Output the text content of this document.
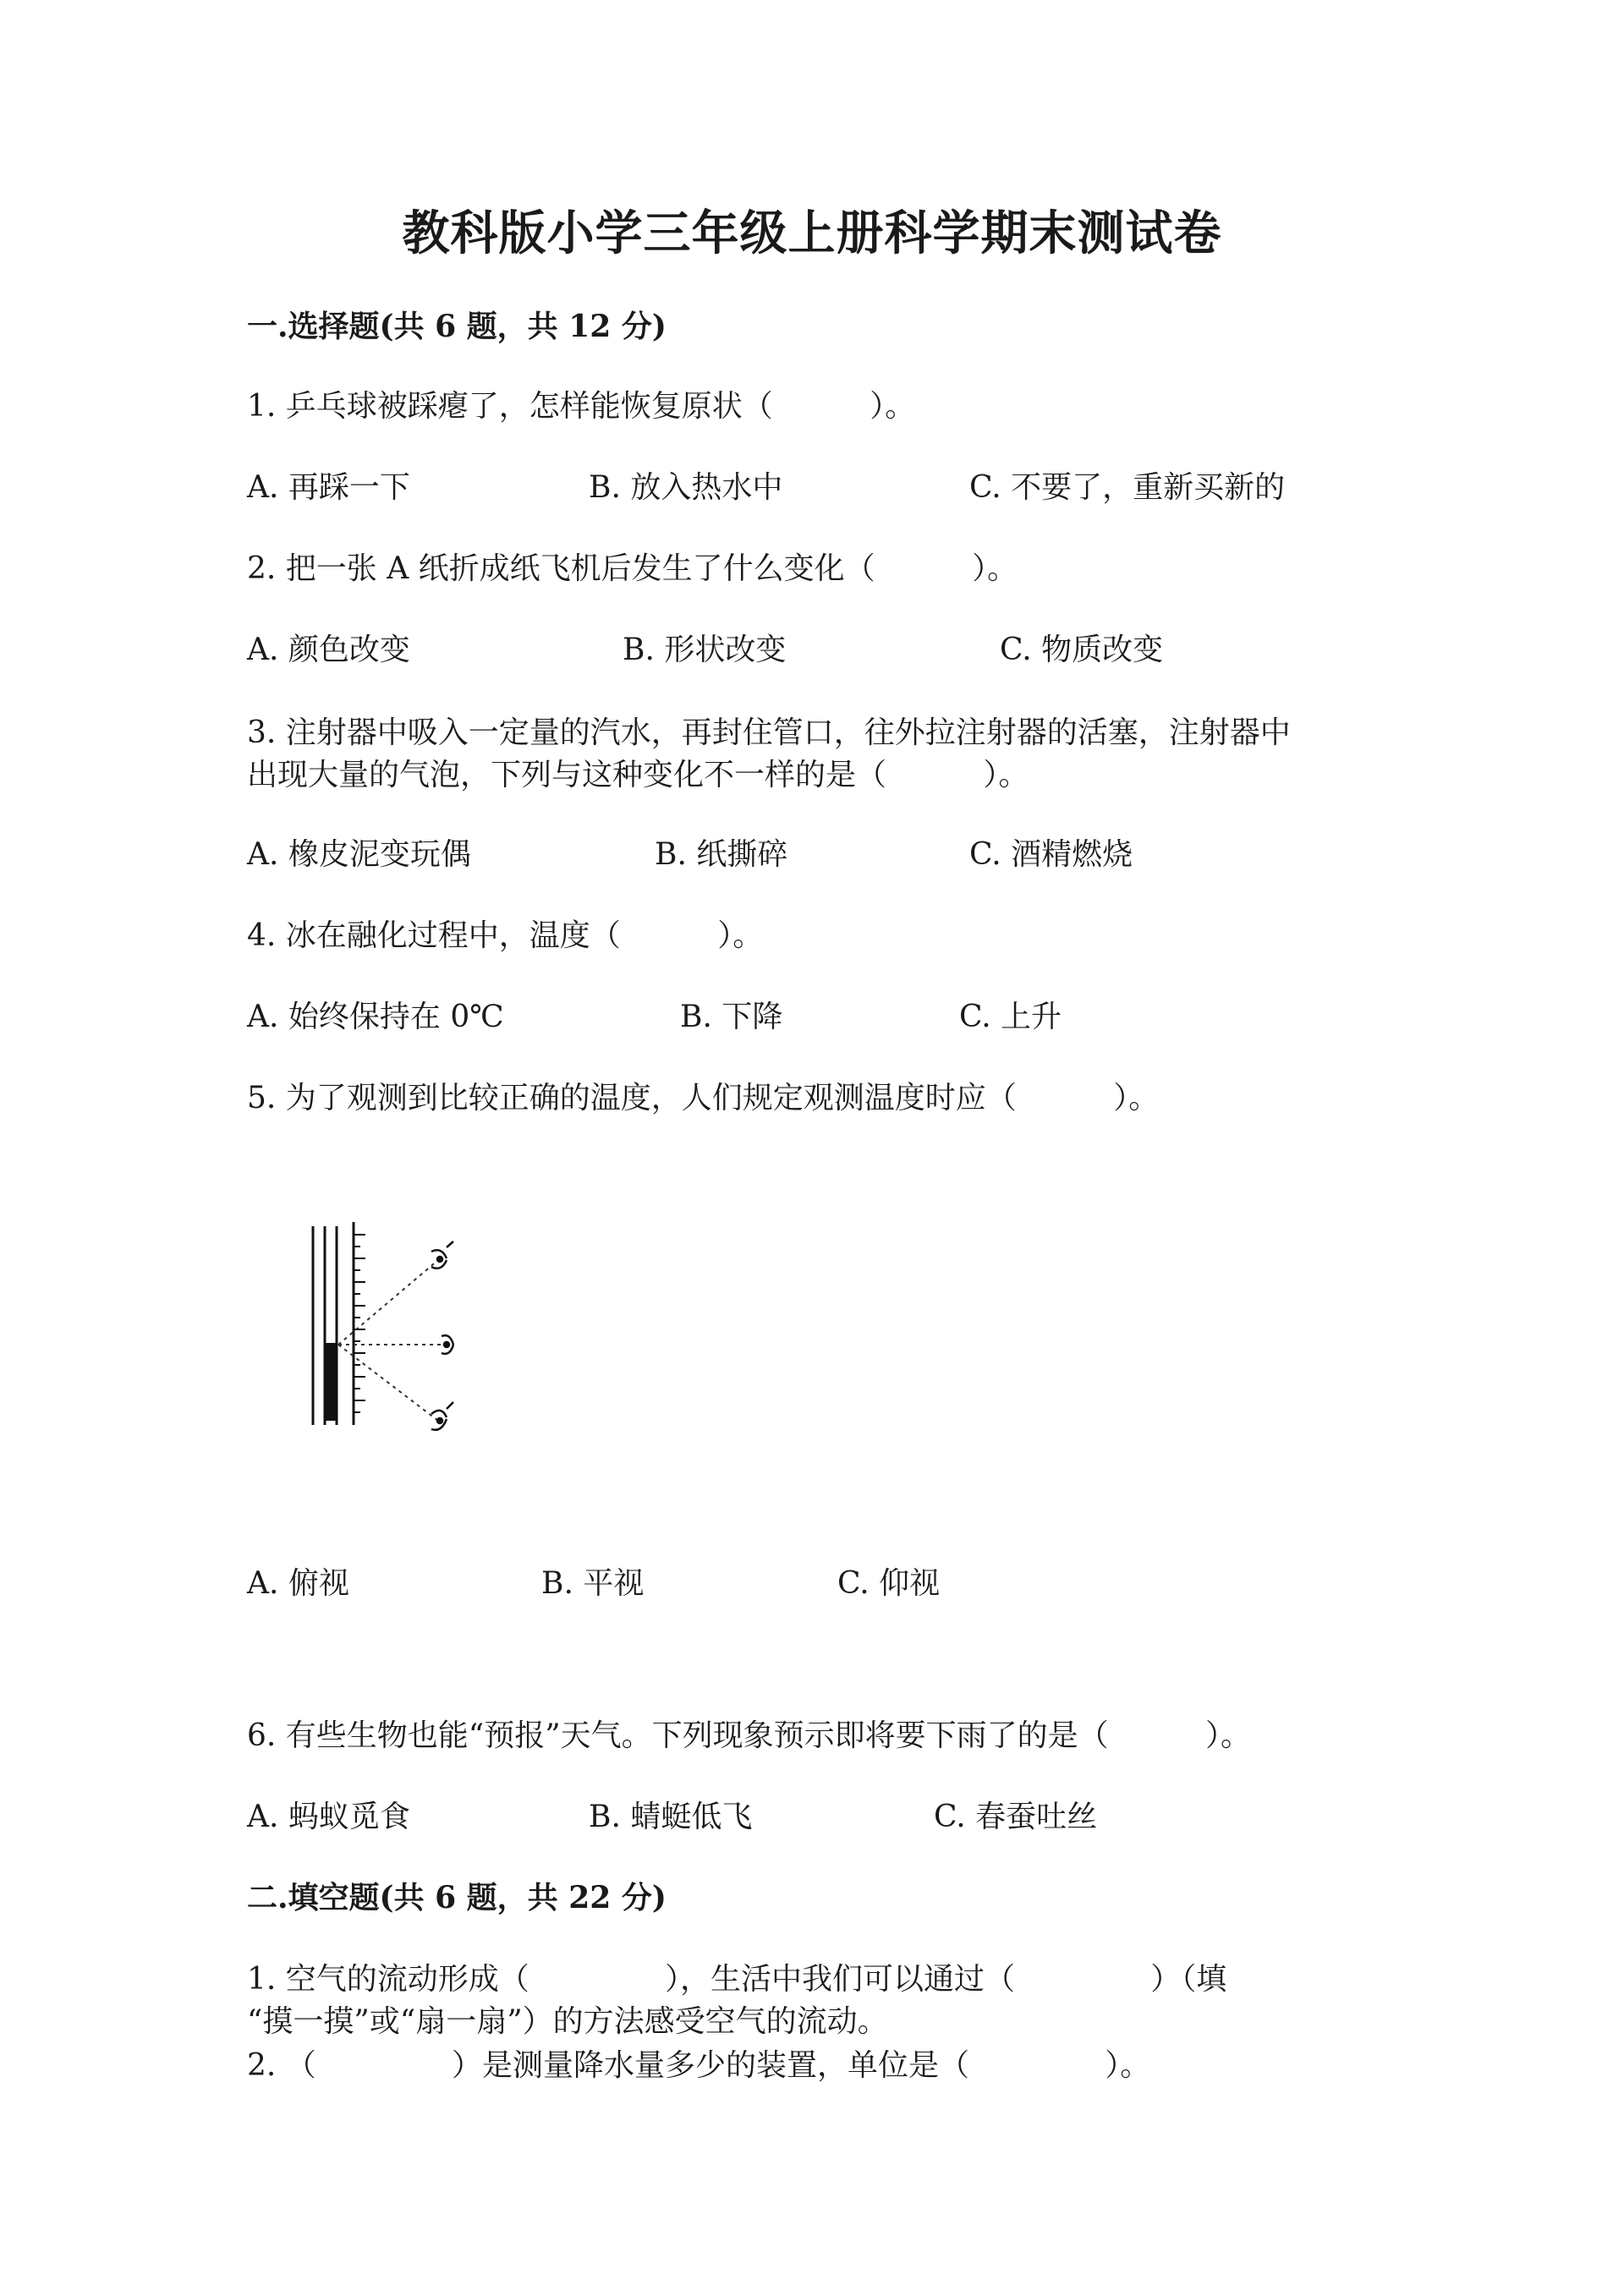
教科版小学三年级上册科学期末测试卷
一.选择题(共 6 题，共 12 分)
1. 乒乓球被踩瘪了，怎样能恢复原状（          ）。
A. 再踩一下	B. 放入热水中	C. 不要了，重新买新的
2. 把一张 A 纸折成纸飞机后发生了什么变化（          ）。
A. 颜色改变	B. 形状改变	C. 物质改变
3. 注射器中吸入一定量的汽水，再封住管口，往外拉注射器的活塞，注射器中
出现大量的气泡，下列与这种变化不一样的是（          ）。
A. 橡皮泥变玩偶	B. 纸撕碎	C. 酒精燃烧
4. 冰在融化过程中，温度（          ）。
A. 始终保持在 0℃	B. 下降	C. 上升
5. 为了观测到比较正确的温度，人们规定观测温度时应（          ）。
A. 俯视	B. 平视	C. 仰视
6. 有些生物也能“预报”天气。下列现象预示即将要下雨了的是（          ）。
A. 蚂蚁觅食	B. 蜻蜓低飞	C. 春蚕吐丝
二.填空题(共 6 题，共 22 分)
1. 空气的流动形成（              ），生活中我们可以通过（              ）（填
“摸一摸”或“扇一扇”）的方法感受空气的流动。
2. （              ）是测量降水量多少的装置，单位是（              ）。
